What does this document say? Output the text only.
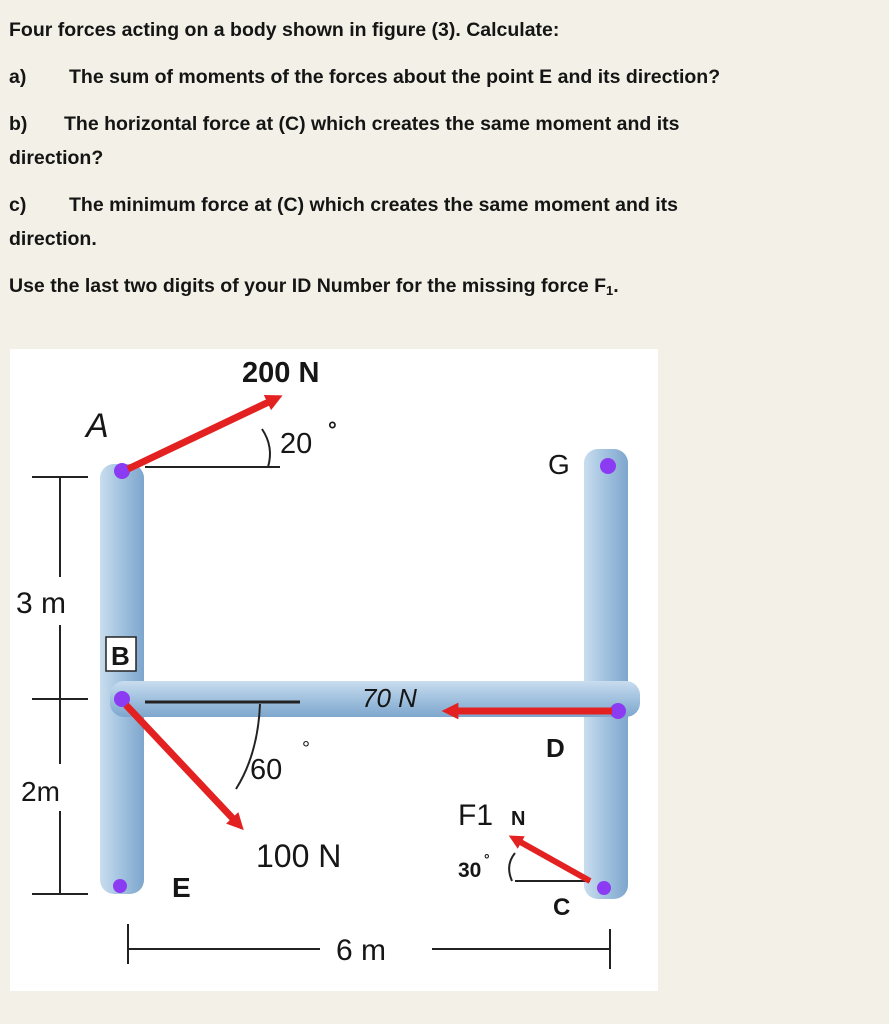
Four forces acting on a body shown in figure (3). Calculate:

a) The sum of moments of the forces about the point E and its direction?

b) The horizontal force at (C) which creates the same moment and its

direction?

c) The minimum force at (C) which creates the same moment and its

direction.

Use the last two digits of your ID Number for the missing force $F_1$.

A
B
G
D
E
C
200 N
20 °
70 N
60
°
100 N
F1 N
30 °
3 m
2m
6 m
